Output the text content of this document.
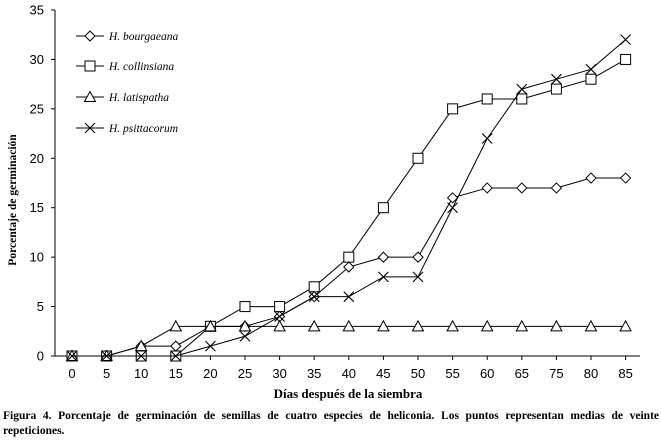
0
5
10
15
20
25
30
35
0 5 10 15 20 25 30 35 40 45 50 55 60 65 75 80 85
H. bourgaeana
H. collinsiana
H. latispatha
H. psittacorum
Días después de la siembra
Porcentaje de germinación
Figura 4. Porcentaje de germinación de semillas de cuatro especies de heliconia. Los puntos representan medias de veinte repeticiones.
